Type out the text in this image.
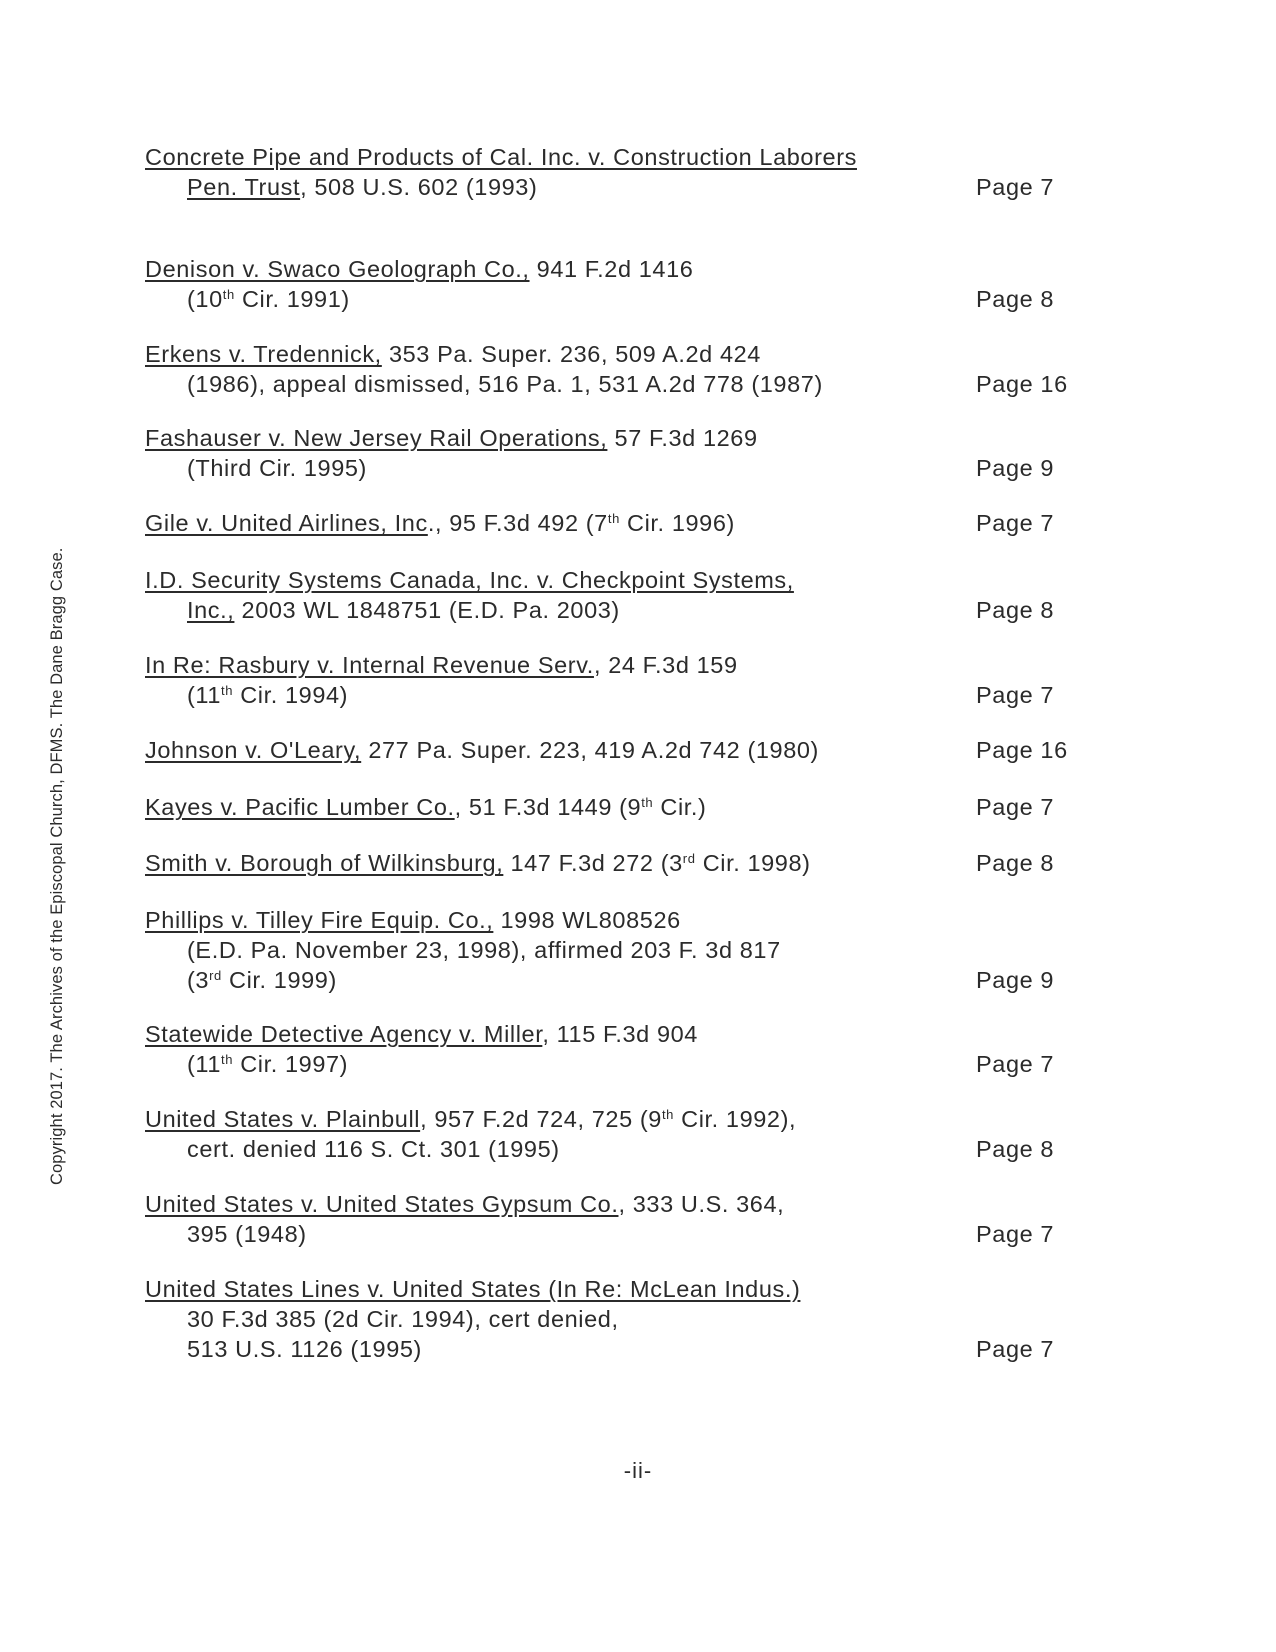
Copyright 2017. The Archives of the Episcopal Church, DFMS. The Dane Bragg Case.
Concrete Pipe and Products of Cal. Inc. v. Construction Laborers
Pen. Trust, 508 U.S. 602 (1993)	Page 7
Denison v. Swaco Geolograph Co., 941 F.2d 1416
(10th Cir. 1991)	Page 8
Erkens v. Tredennick, 353 Pa. Super. 236, 509 A.2d 424
(1986), appeal dismissed, 516 Pa. 1, 531 A.2d 778 (1987)	Page 16
Fashauser v. New Jersey Rail Operations, 57 F.3d 1269
(Third Cir. 1995)	Page 9
Gile v. United Airlines, Inc., 95 F.3d 492 (7th Cir. 1996)	Page 7
I.D. Security Systems Canada, Inc. v. Checkpoint Systems,
Inc., 2003 WL 1848751 (E.D. Pa. 2003)	Page 8
In Re: Rasbury v. Internal Revenue Serv., 24 F.3d 159
(11th Cir. 1994)	Page 7
Johnson v. O'Leary, 277 Pa. Super. 223, 419 A.2d 742 (1980)	Page 16
Kayes v. Pacific Lumber Co., 51 F.3d 1449 (9th Cir.)	Page 7
Smith v. Borough of Wilkinsburg, 147 F.3d 272 (3rd Cir. 1998)	Page 8
Phillips v. Tilley Fire Equip. Co., 1998 WL808526
(E.D. Pa. November 23, 1998), affirmed 203 F. 3d 817
(3rd Cir. 1999)	Page 9
Statewide Detective Agency v. Miller, 115 F.3d 904
(11th Cir. 1997)	Page 7
United States v. Plainbull, 957 F.2d 724, 725 (9th Cir. 1992),
cert. denied 116 S. Ct. 301 (1995)	Page 8
United States v. United States Gypsum Co., 333 U.S. 364,
395 (1948)	Page 7
United States Lines v. United States (In Re: McLean Indus.)
30 F.3d 385 (2d Cir. 1994), cert denied,
513 U.S. 1126 (1995)	Page 7
-ii-
